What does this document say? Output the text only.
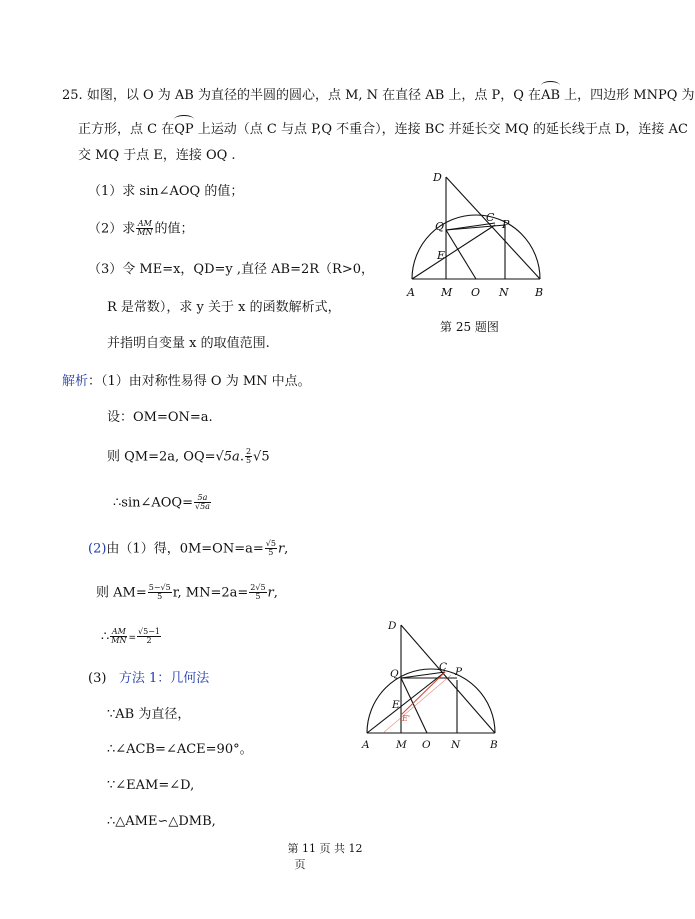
25. 如图，以 O 为 AB 为直径的半圆的圆心，点 M, N 在直径 AB 上，点 P，Q 在
AB 上，四边形 MNPQ 为
正方形，点 C 在
QP 上运动（点 C 与点 P,Q 不重合），连接 BC 并延长交 MQ 的延长线于点 D，连接 AC
交 MQ 于点 E，连接 OQ .
（1）求 sin∠AOQ 的值；
（2）求 $\frac{AM}{MN}$ 的值；
（3）令 ME=x，QD=y ,直径 AB=2R（R>0，
R 是常数），求 y 关于 x 的函数解析式，
并指明自变量 x 的取值范围.
D
Q
C
P
E
A M O N B
第 25 题图
解析：（1）由对称性易得 O 为 MN 中点。
设：OM=ON=a.
则 QM=2a, OQ=√5a. $\frac{2}{5} √5$
∴sin∠AOQ= $\frac{5a}{√5a}$
(2)由（1）得，$0M=ON=a= \frac{√5}{5} r$,
则 $AM= \frac{5-√5}{5} r$, $MN=2a= \frac{2√5}{5} r$,
∴ $\frac{AM}{MN} = \frac{√5-1}{2}$
(3) 方法 1：几何法
∵AB 为直径，
∴∠ACB=∠ACE=90°。
∵∠EAM=∠D,
∴△AME∽△DMB,
D
Q
C P
E
E'
A	M O N	B
第 11 页 共 12
页
